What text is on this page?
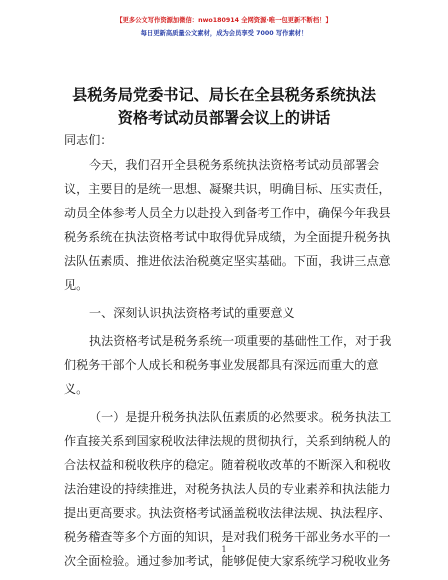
【更多公文写作资源加微信：nwo180914 全网资源·唯一包更新不断档！】
每日更新高质量公文素材，成为会员享受 7000 写作素材！
县税务局党委书记、局长在全县税务系统执法
资格考试动员部署会议上的讲话
同志们：
今天，我们召开全县税务系统执法资格考试动员部署会
议，主要目的是统一思想、凝聚共识，明确目标、压实责任，
动员全体参考人员全力以赴投入到备考工作中，确保今年我县
税务系统在执法资格考试中取得优异成绩，为全面提升税务执
法队伍素质、推进依法治税奠定坚实基础。下面，我讲三点意
见。
一、深刻认识执法资格考试的重要意义
执法资格考试是税务系统一项重要的基础性工作，对于我
们税务干部个人成长和税务事业发展都具有深远而重大的意
义。
（一）是提升税务执法队伍素质的必然要求。税务执法工
作直接关系到国家税收法律法规的贯彻执行，关系到纳税人的
合法权益和税收秩序的稳定。随着税收改革的不断深入和税收
法治建设的持续推进，对税务执法人员的专业素养和执法能力
提出更高要求。执法资格考试涵盖税收法律法规、执法程序、
税务稽查等多个方面的知识，是对我们税务干部业务水平的一
次全面检验。通过参加考试，能够促使大家系统学习税收业务
1
